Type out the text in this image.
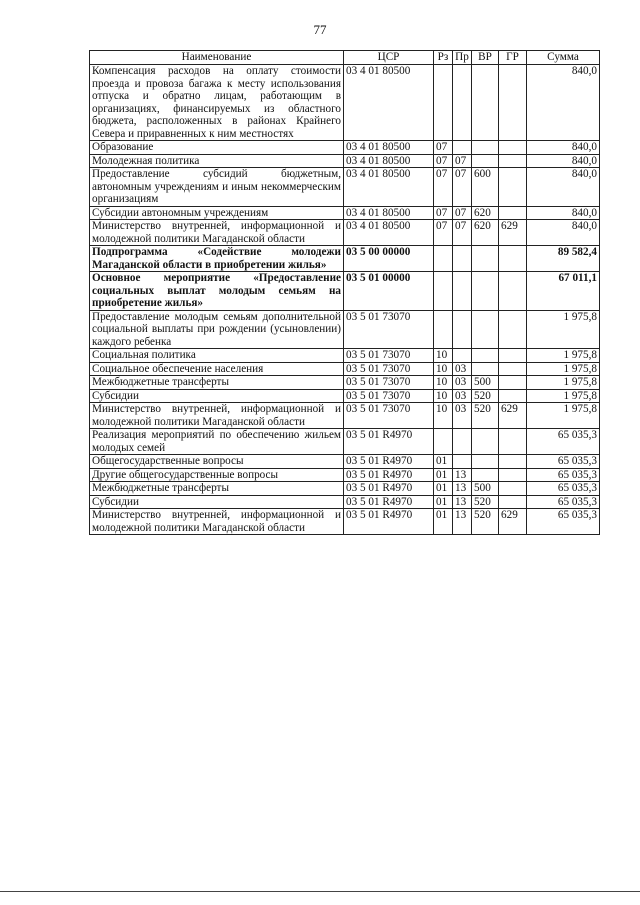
77
Наименование	ЦСР	Рз	Пр	ВР	ГР	Сумма
Компенсация расходов на оплату стоимости проезда и провоза багажа к месту использования отпуска и обратно лицам, работающим в организациях, финансируемых из областного бюджета, расположенных в районах Крайнего Севера и приравненных к ним местностях	03 4 01 80500					840,0
Образование	03 4 01 80500	07				840,0
Молодежная политика	03 4 01 80500	07	07			840,0
Предоставление субсидий бюджетным, автономным учреждениям и иным некоммерческим организациям	03 4 01 80500	07	07	600		840,0
Субсидии автономным учреждениям	03 4 01 80500	07	07	620		840,0
Министерство внутренней, информационной и молодежной политики Магаданской области	03 4 01 80500	07	07	620	629	840,0
Подпрограмма «Содействие молодежи Магаданской области в приобретении жилья»	03 5 00 00000					89 582,4
Основное мероприятие «Предоставление социальных выплат молодым семьям на приобретение жилья»	03 5 01 00000					67 011,1
Предоставление молодым семьям дополнительной социальной выплаты при рождении (усыновлении) каждого ребенка	03 5 01 73070					1 975,8
Социальная политика	03 5 01 73070	10				1 975,8
Социальное обеспечение населения	03 5 01 73070	10	03			1 975,8
Межбюджетные трансферты	03 5 01 73070	10	03	500		1 975,8
Субсидии	03 5 01 73070	10	03	520		1 975,8
Министерство внутренней, информационной и молодежной политики Магаданской области	03 5 01 73070	10	03	520	629	1 975,8
Реализация мероприятий по обеспечению жильем молодых семей	03 5 01 R4970					65 035,3
Общегосударственные вопросы	03 5 01 R4970	01				65 035,3
Другие общегосударственные вопросы	03 5 01 R4970	01	13			65 035,3
Межбюджетные трансферты	03 5 01 R4970	01	13	500		65 035,3
Субсидии	03 5 01 R4970	01	13	520		65 035,3
Министерство внутренней, информационной и молодежной политики Магаданской области	03 5 01 R4970	01	13	520	629	65 035,3
